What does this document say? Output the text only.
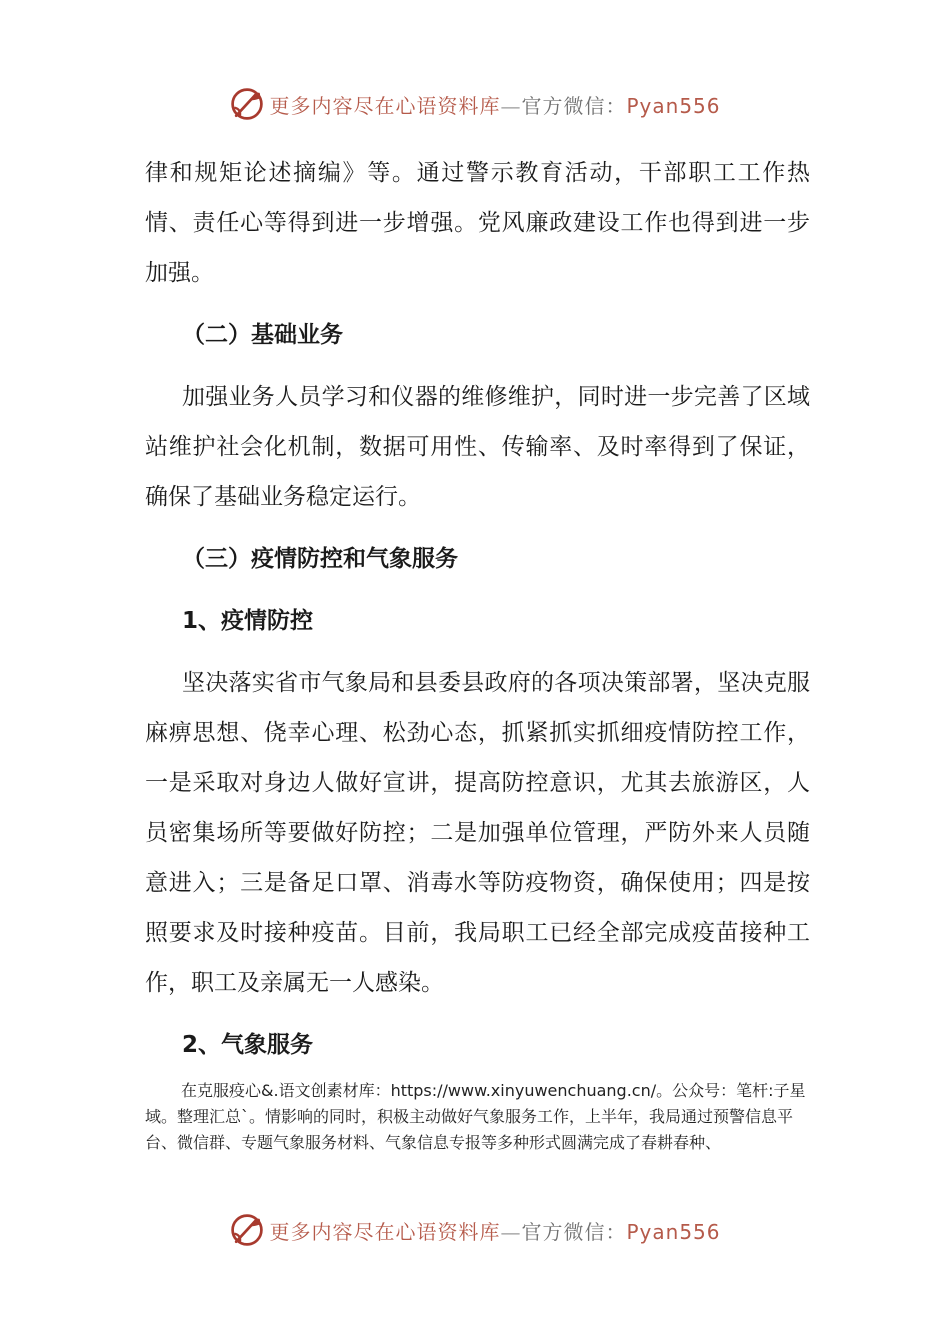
更多内容尽在心语资料库—官方微信：Pyan556

律和规矩论述摘编》等。通过警示教育活动，干部职工工作热情、责任心等得到进一步增强。党风廉政建设工作也得到进一步加强。

（二）基础业务

加强业务人员学习和仪器的维修维护，同时进一步完善了区域站维护社会化机制，数据可用性、传输率、及时率得到了保证，确保了基础业务稳定运行。

（三）疫情防控和气象服务
1、疫情防控

坚决落实省市气象局和县委县政府的各项决策部署，坚决克服麻痹思想、侥幸心理、松劲心态，抓紧抓实抓细疫情防控工作，一是采取对身边人做好宣讲，提高防控意识，尤其去旅游区，人员密集场所等要做好防控；二是加强单位管理，严防外来人员随意进入；三是备足口罩、消毒水等防疫物资，确保使用；四是按照要求及时接种疫苗。目前，我局职工已经全部完成疫苗接种工作，职工及亲属无一人感染。

2、气象服务

在克服疫心&.语文创素材库：https://www.xinyuwenchuang.cn/。公众号：笔杆:子星域。整理汇总`。情影响的同时，积极主动做好气象服务工作，上半年，我局通过预警信息平台、微信群、专题气象服务材料、气象信息专报等多种形式圆满完成了春耕春种、

更多内容尽在心语资料库—官方微信：Pyan556
